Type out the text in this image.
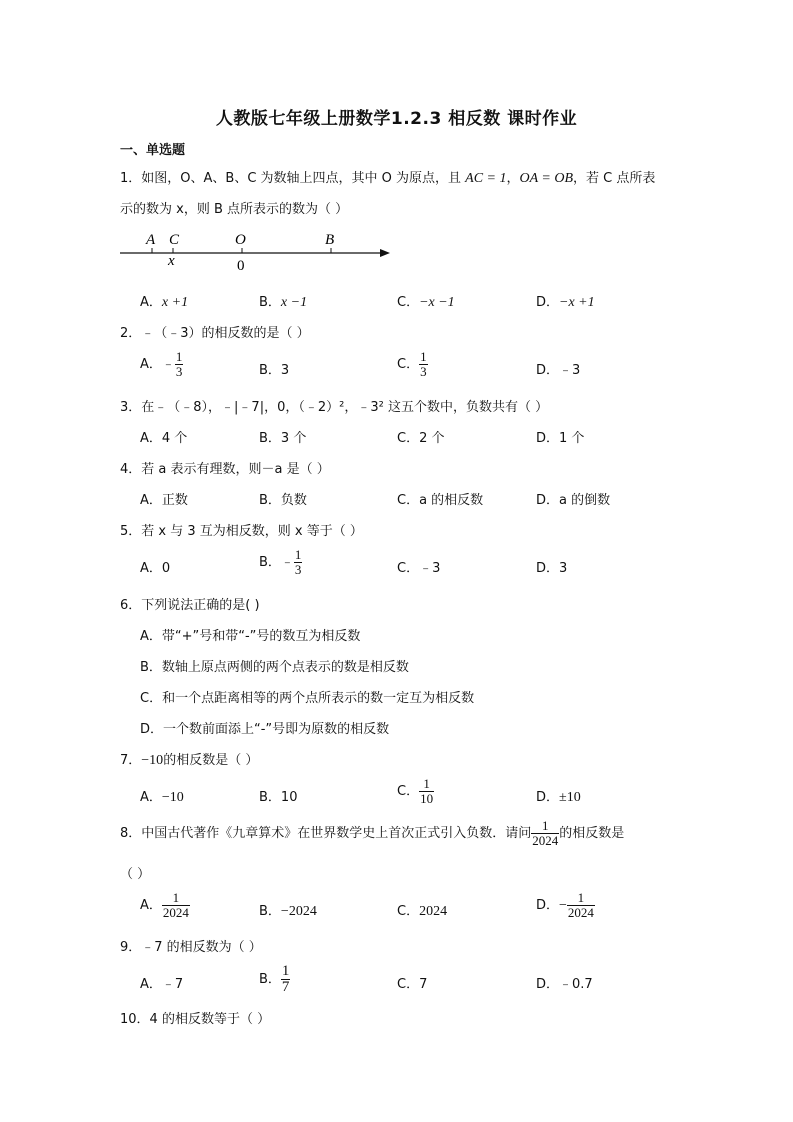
人教版七年级上册数学1.2.3 相反数 课时作业
一、单选题
1．如图，O、A、B、C 为数轴上四点，其中 O 为原点，且 AC = 1，OA = OB，若 C 点所表
示的数为 x，则 B 点所表示的数为（ ）
A C	O	B
x	0
A．x +1	B．x −1	C．−x −1	D．−x +1
2．﹣（﹣3）的相反数的是（ ）
A．﹣ $\frac{1}{3}$	B．3	C． $\frac{1}{3}$	D．﹣3
3．在﹣（﹣8），﹣|﹣7|，0，（﹣2）²，﹣3² 这五个数中，负数共有（ ）
A．4 个	B．3 个	C．2 个	D．1 个
4．若 a 表示有理数，则－a 是（ ）
A．正数	B．负数	C．a 的相反数	D．a 的倒数
5．若 x 与 3 互为相反数，则 x 等于（ ）
A．0	B．﹣ $\frac{1}{3}$	C．﹣3	D．3
6．下列说法正确的是( )
A．带“+”号和带“-”号的数互为相反数
B．数轴上原点两侧的两个点表示的数是相反数
C．和一个点距离相等的两个点所表示的数一定互为相反数
D．一个数前面添上“-”号即为原数的相反数
7．−10的相反数是（ ）
A．−10	B．10	C． $\frac{1}{10}$	D．±10
8．中国古代著作《九章算术》在世界数学史上首次正式引入负数．请问 $\frac{1}{2024}$ 的相反数是
（ ）
A． $\frac{1}{2024}$	B．−2024	C．2024	D．− $\frac{1}{2024}$
9．﹣7 的相反数为（ ）
A．﹣7	B． $\frac{1}{7}$	C．7	D．﹣0.7
10．4 的相反数等于（ ）
